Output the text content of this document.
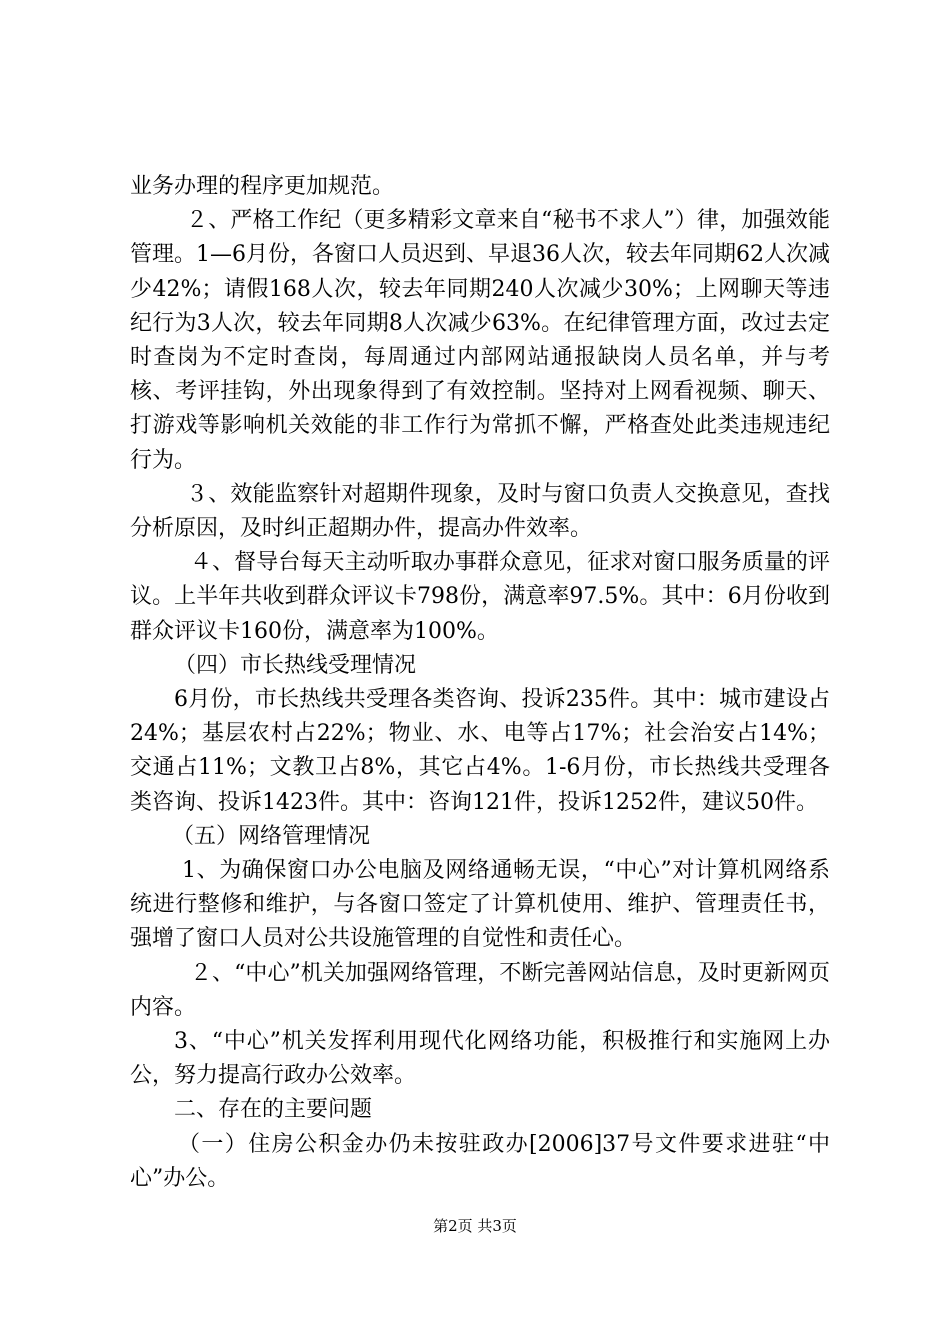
业务办理的程序更加规范。

２、严格工作纪（更多精彩文章来自“秘书不求人”）律，加强效能管理。1—6月份，各窗口人员迟到、早退36人次，较去年同期62人次减少42%；请假168人次，较去年同期240人次减少30%；上网聊天等违纪行为3人次，较去年同期8人次减少63%。在纪律管理方面，改过去定时查岗为不定时查岗，每周通过内部网站通报缺岗人员名单，并与考核、考评挂钩，外出现象得到了有效控制。坚持对上网看视频、聊天、打游戏等影响机关效能的非工作行为常抓不懈，严格查处此类违规违纪行为。

３、效能监察针对超期件现象，及时与窗口负责人交换意见，查找分析原因，及时纠正超期办件，提高办件效率。

４、督导台每天主动听取办事群众意见，征求对窗口服务质量的评议。上半年共收到群众评议卡798份，满意率97.5%。其中：6月份收到群众评议卡160份，满意率为100%。

（四）市长热线受理情况

6月份，市长热线共受理各类咨询、投诉235件。其中：城市建设占24%；基层农村占22%；物业、水、电等占17%；社会治安占14%；交通占11%；文教卫占8%，其它占4%。1-6月份，市长热线共受理各类咨询、投诉1423件。其中：咨询121件，投诉1252件，建议50件。

（五）网络管理情况

1、为确保窗口办公电脑及网络通畅无误，“中心”对计算机网络系统进行整修和维护，与各窗口签定了计算机使用、维护、管理责任书，强增了窗口人员对公共设施管理的自觉性和责任心。

２、“中心”机关加强网络管理，不断完善网站信息，及时更新网页内容。

3、“中心”机关发挥利用现代化网络功能，积极推行和实施网上办公，努力提高行政办公效率。

二、存在的主要问题

（一）住房公积金办仍未按驻政办[2006]37号文件要求进驻“中心”办公。

第2页 共3页
